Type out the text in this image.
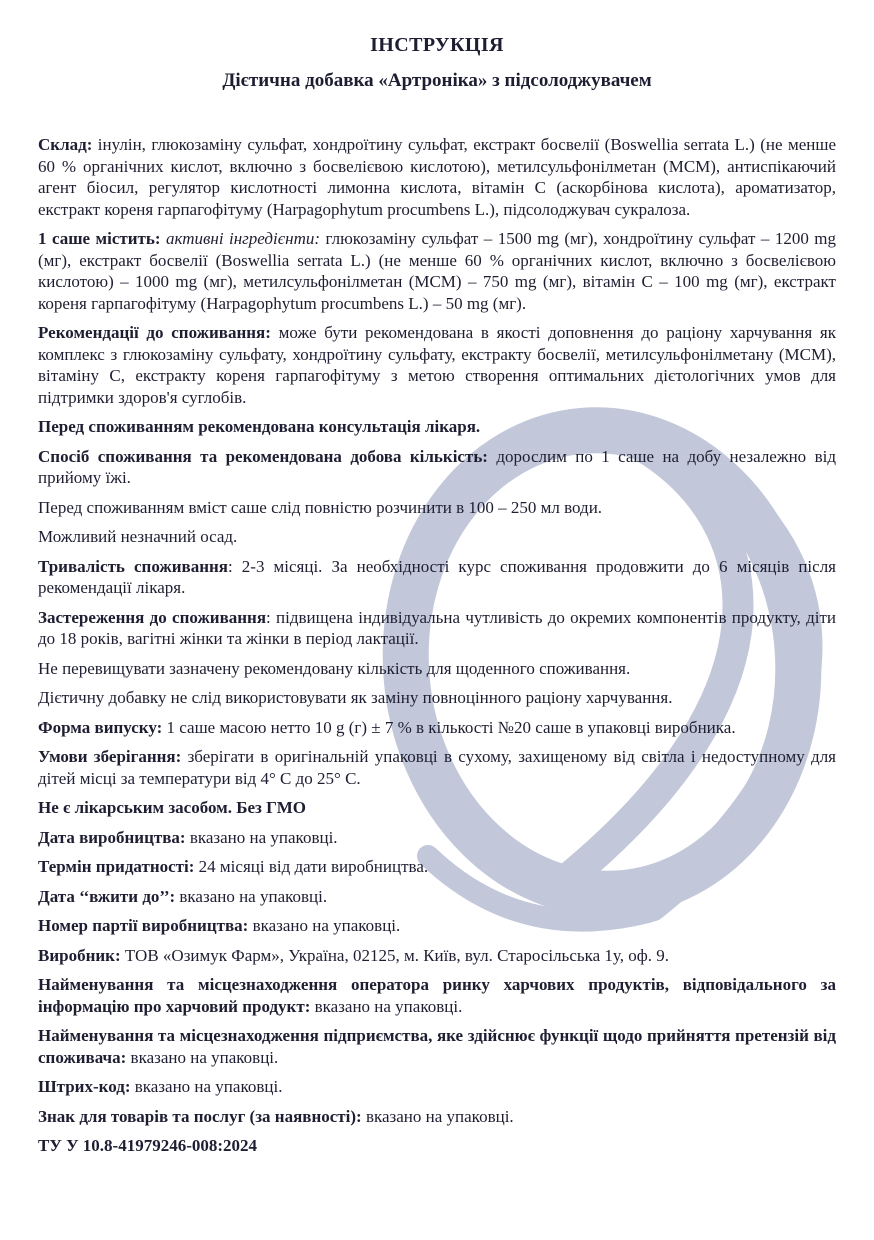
ІНСТРУКЦІЯ
Дієтична добавка «Артроніка» з підсолоджувачем

Склад: інулін, глюкозаміну сульфат, хондроїтину сульфат, екстракт босвелії (Boswellia serrata L.) (не менше 60 % органічних кислот, включно з босвелієвою кислотою), метилсульфонілметан (МСМ), антиспікаючий агент біосил, регулятор кислотності лимонна кислота, вітамін С (аскорбінова кислота), ароматизатор, екстракт кореня гарпагофітуму (Harpagophytum procumbens L.), підсолоджувач сукралоза.

1 саше містить: активні інгредієнти: глюкозаміну сульфат – 1500 mg (мг), хондроїтину сульфат – 1200 mg (мг), екстракт босвелії (Boswellia serrata L.) (не менше 60 % органічних кислот, включно з босвелієвою кислотою) – 1000 mg (мг), метилсульфонілметан (МСМ) – 750 mg (мг), вітамін С – 100 mg (мг), екстракт кореня гарпагофітуму (Harpagophytum procumbens L.) – 50 mg (мг).

Рекомендації до споживання: може бути рекомендована в якості доповнення до раціону харчування як комплекс з глюкозаміну сульфату, хондроїтину сульфату, екстракту босвелії, метилсульфонілметану (МСМ), вітаміну С, екстракту кореня гарпагофітуму з метою створення оптимальних дієтологічних умов для підтримки здоров'я суглобів.

Перед споживанням рекомендована консультація лікаря.

Спосіб споживання та рекомендована добова кількість: дорослим по 1 саше на добу незалежно від прийому їжі.

Перед споживанням вміст саше слід повністю розчинити в 100 – 250 мл води.

Можливий незначний осад.

Тривалість споживання: 2-3 місяці. За необхідності курс споживання продовжити до 6 місяців після рекомендації лікаря.

Застереження до споживання: підвищена індивідуальна чутливість до окремих компонентів продукту, діти до 18 років, вагітні жінки та жінки в період лактації.

Не перевищувати зазначену рекомендовану кількість для щоденного споживання.

Дієтичну добавку не слід використовувати як заміну повноцінного раціону харчування.

Форма випуску: 1 саше масою нетто 10 g (г) ± 7 % в кількості №20 саше в упаковці виробника.

Умови зберігання: зберігати в оригінальній упаковці в сухому, захищеному від світла і недоступному для дітей місці за температури від 4° С до 25° С.

Не є лікарським засобом. Без ГМО

Дата виробництва: вказано на упаковці.

Термін придатності: 24 місяці від дати виробництва.

Дата ‘‘вжити до’’: вказано на упаковці.

Номер партії виробництва: вказано на упаковці.

Виробник: ТОВ «Озимук Фарм», Україна, 02125, м. Київ, вул. Старосільська 1у, оф. 9.

Найменування та місцезнаходження оператора ринку харчових продуктів, відповідального за інформацію про харчовий продукт: вказано на упаковці.

Найменування та місцезнаходження підприємства, яке здійснює функції щодо прийняття претензій від споживача: вказано на упаковці.

Штрих-код: вказано на упаковці.

Знак для товарів та послуг (за наявності): вказано на упаковці.

ТУ У 10.8-41979246-008:2024
